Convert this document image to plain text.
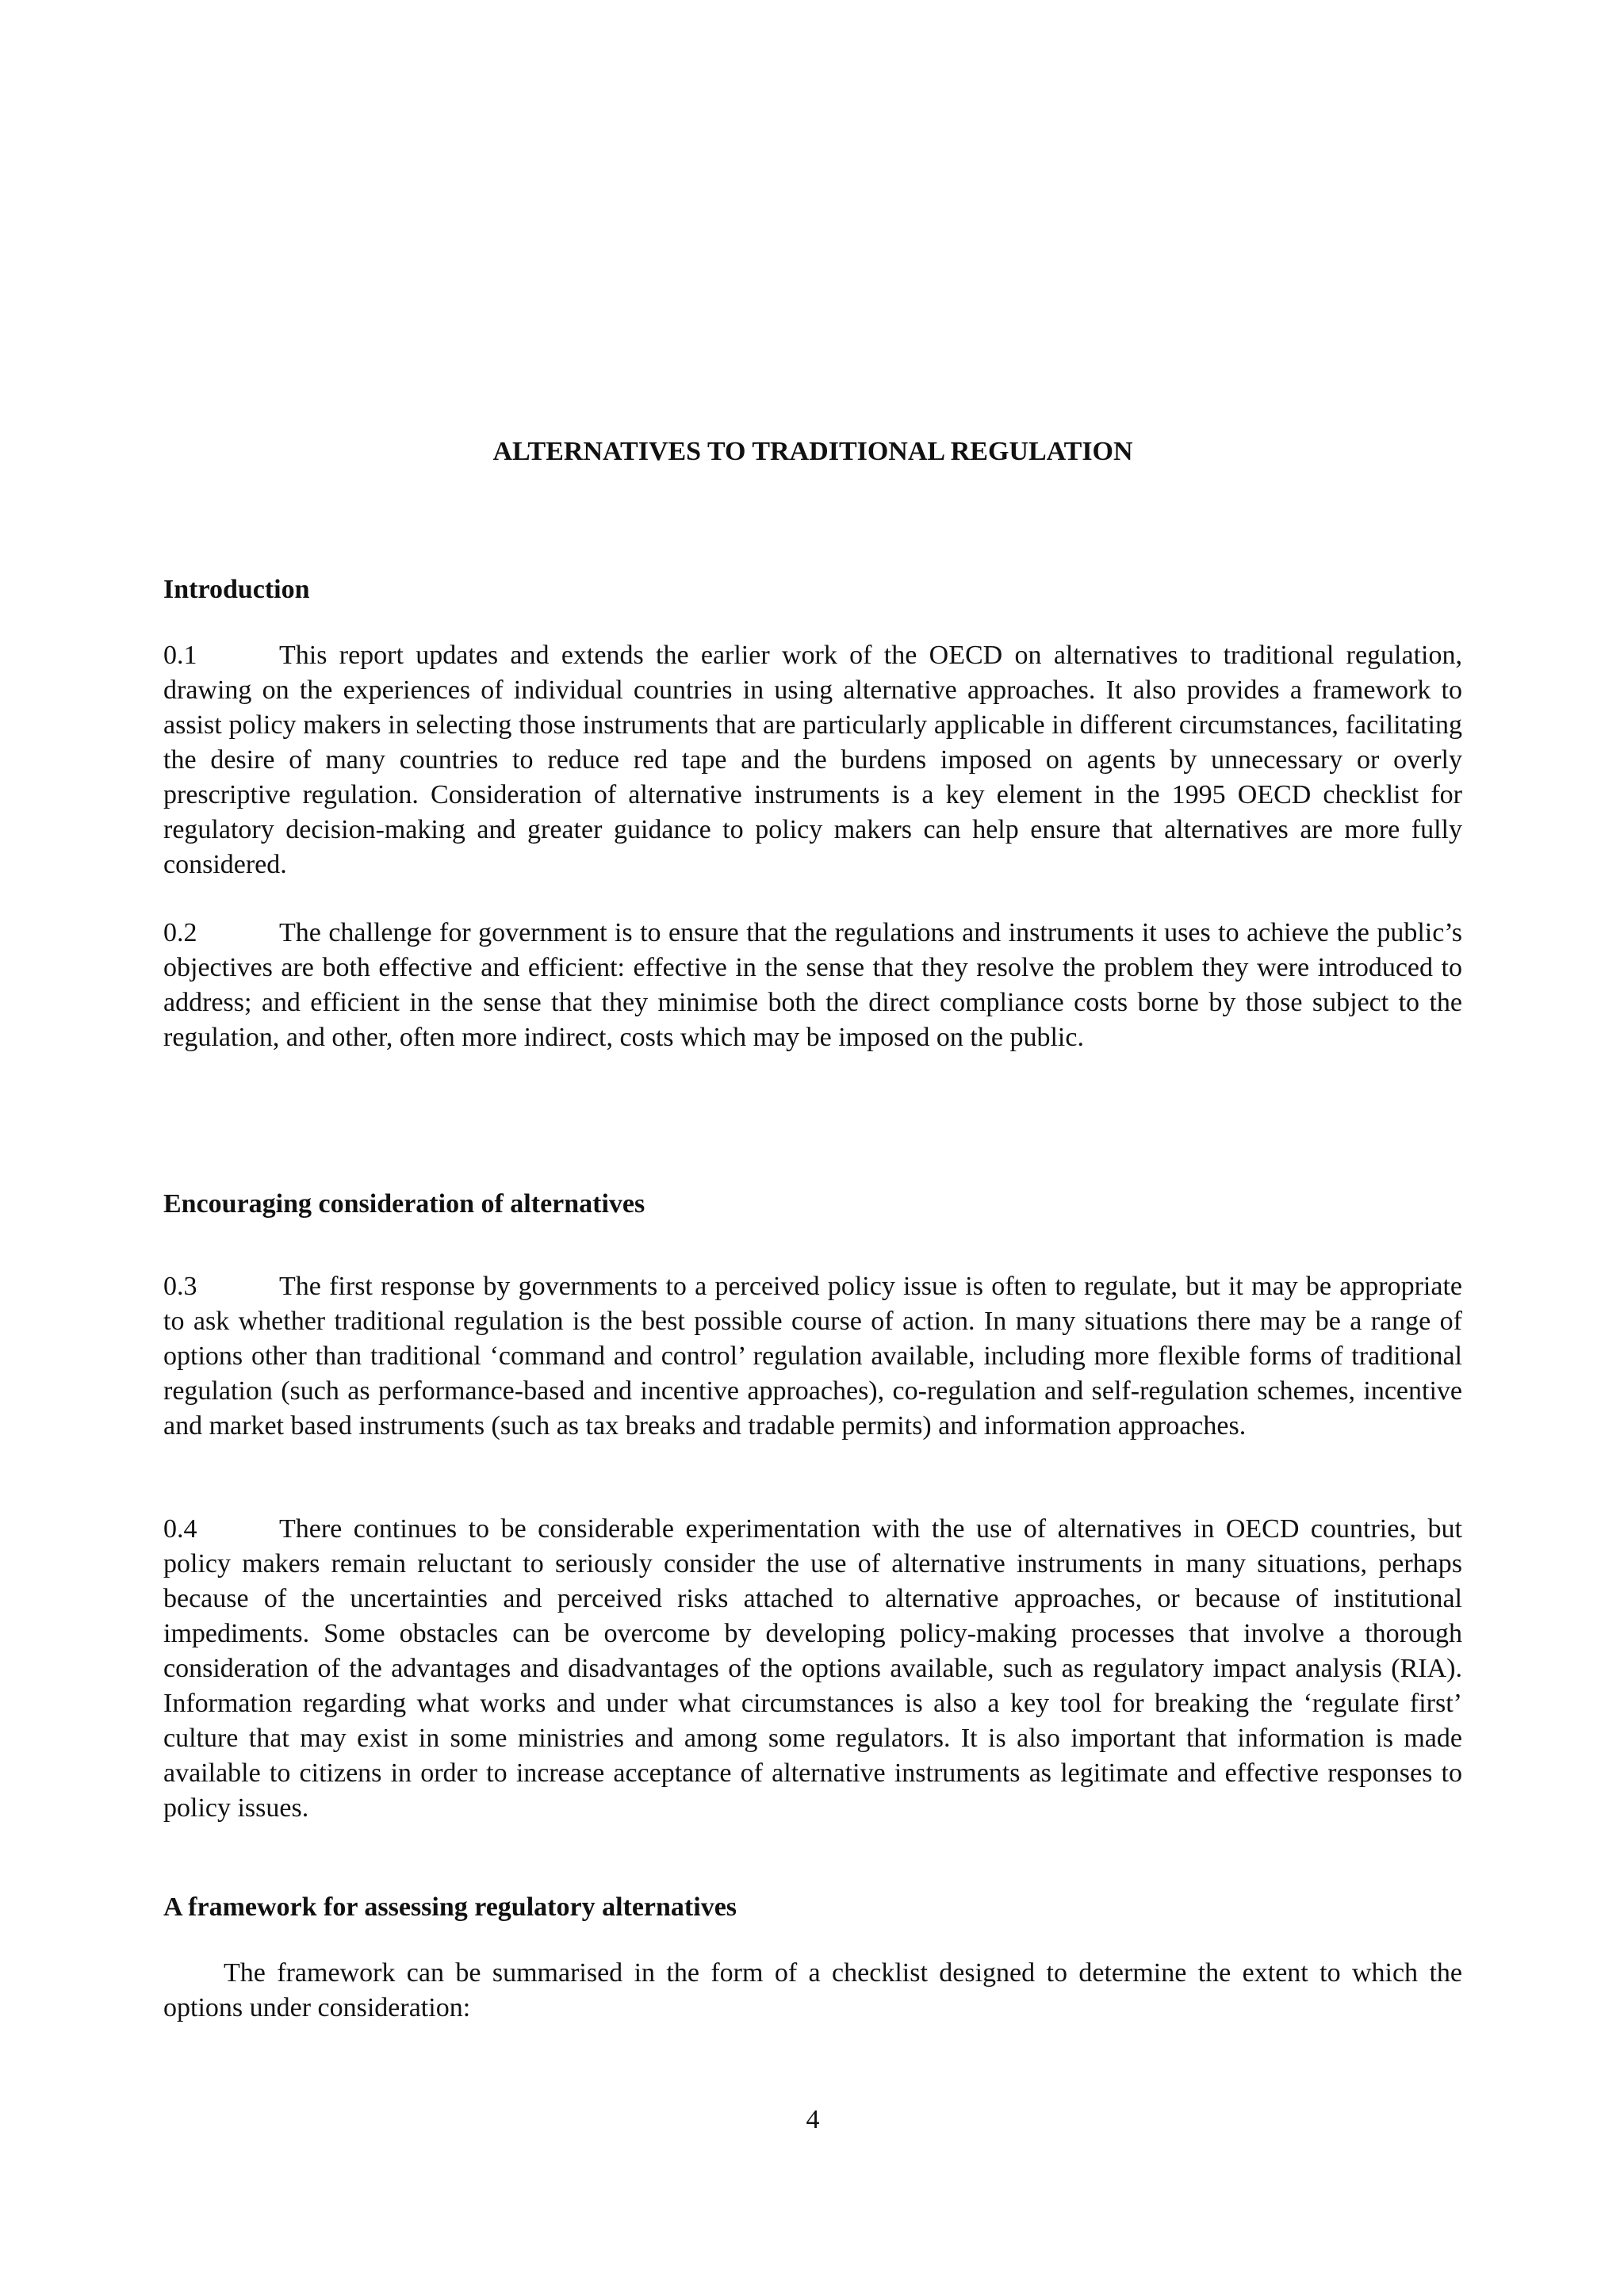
ALTERNATIVES TO TRADITIONAL REGULATION
Introduction

0.1	This report updates and extends the earlier work of the OECD on alternatives to traditional regulation, drawing on the experiences of individual countries in using alternative approaches. It also provides a framework to assist policy makers in selecting those instruments that are particularly applicable in different circumstances, facilitating the desire of many countries to reduce red tape and the burdens imposed on agents by unnecessary or overly prescriptive regulation. Consideration of alternative instruments is a key element in the 1995 OECD checklist for regulatory decision-making and greater guidance to policy makers can help ensure that alternatives are more fully considered.

0.2	The challenge for government is to ensure that the regulations and instruments it uses to achieve the public’s objectives are both effective and efficient: effective in the sense that they resolve the problem they were introduced to address; and efficient in the sense that they minimise both the direct compliance costs borne by those subject to the regulation, and other, often more indirect, costs which may be imposed on the public.

Encouraging consideration of alternatives

0.3	The first response by governments to a perceived policy issue is often to regulate, but it may be appropriate to ask whether traditional regulation is the best possible course of action. In many situations there may be a range of options other than traditional ‘command and control’ regulation available, including more flexible forms of traditional regulation (such as performance-based and incentive approaches), co-regulation and self-regulation schemes, incentive and market based instruments (such as tax breaks and tradable permits) and information approaches.

0.4	There continues to be considerable experimentation with the use of alternatives in OECD countries, but policy makers remain reluctant to seriously consider the use of alternative instruments in many situations, perhaps because of the uncertainties and perceived risks attached to alternative approaches, or because of institutional impediments. Some obstacles can be overcome by developing policy-making processes that involve a thorough consideration of the advantages and disadvantages of the options available, such as regulatory impact analysis (RIA). Information regarding what works and under what circumstances is also a key tool for breaking the ‘regulate first’ culture that may exist in some ministries and among some regulators. It is also important that information is made available to citizens in order to increase acceptance of alternative instruments as legitimate and effective responses to policy issues.

A framework for assessing regulatory alternatives

The framework can be summarised in the form of a checklist designed to determine the extent to which the options under consideration:

4
